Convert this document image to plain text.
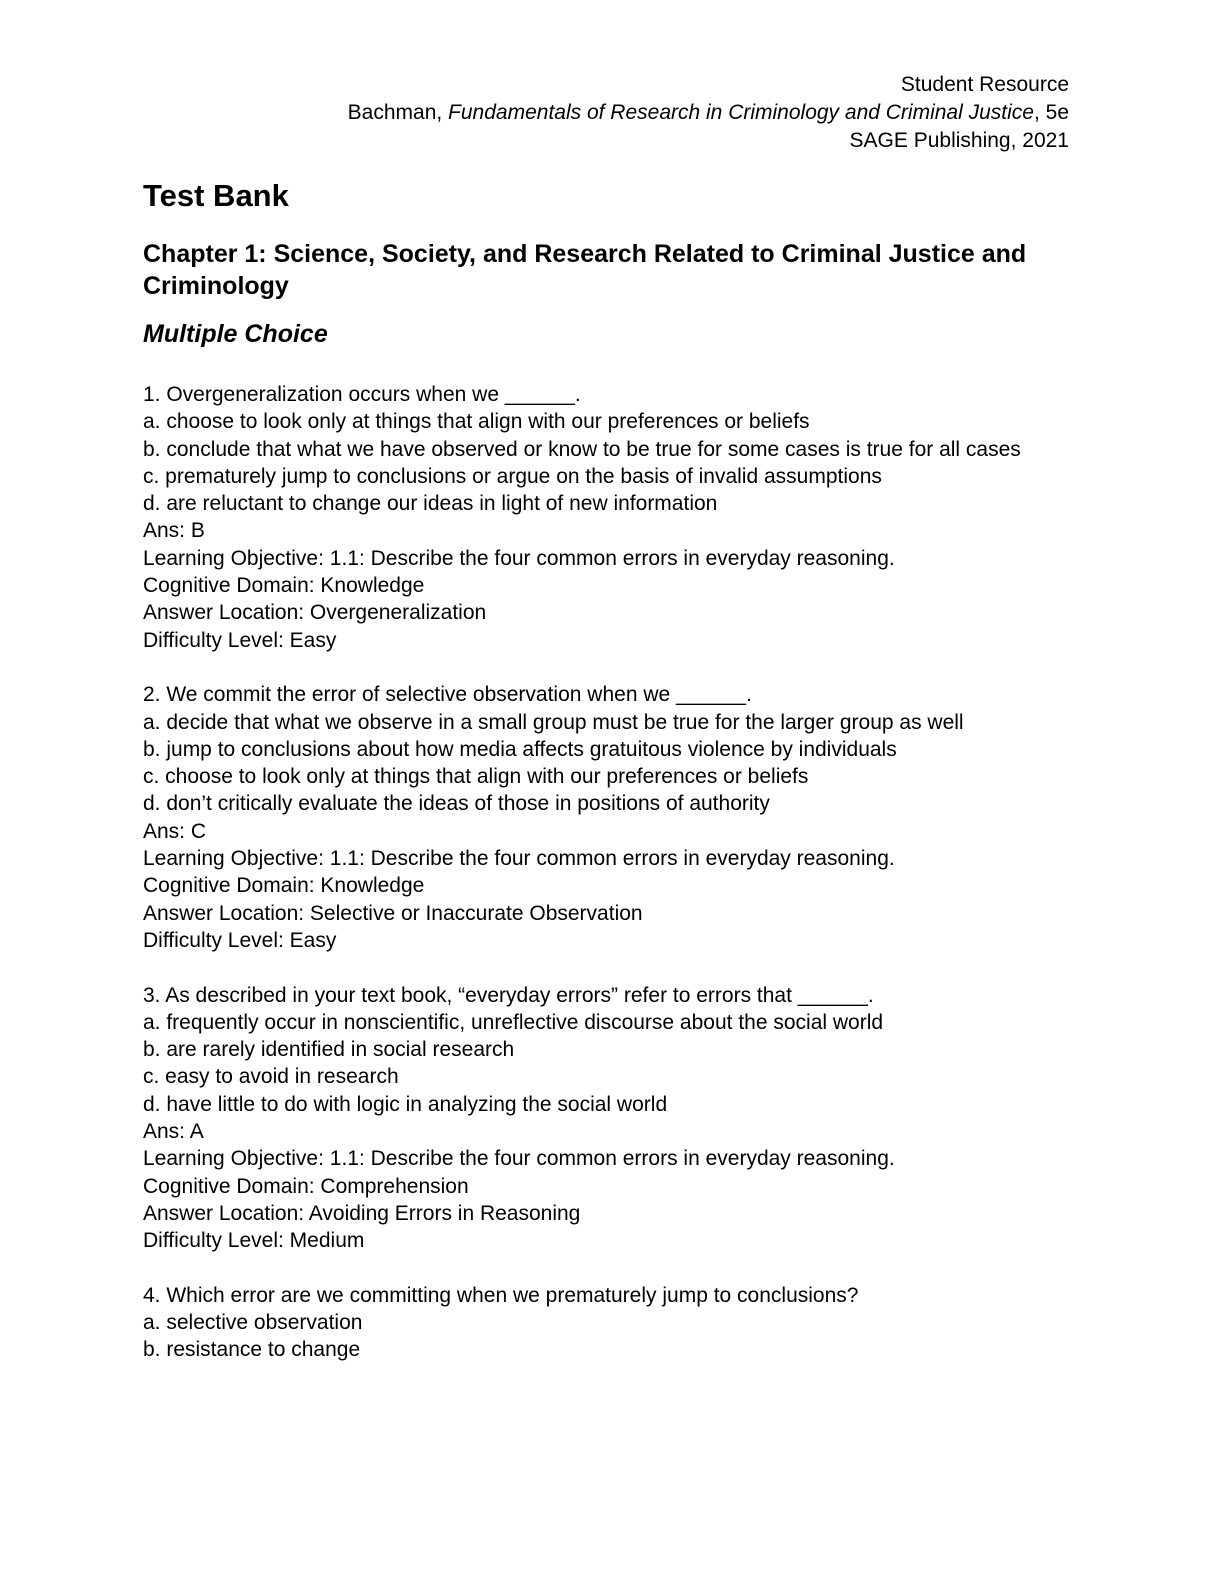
Student Resource
Bachman, Fundamentals of Research in Criminology and Criminal Justice, 5e
SAGE Publishing, 2021
Test Bank
Chapter 1: Science, Society, and Research Related to Criminal Justice and Criminology
Multiple Choice
1. Overgeneralization occurs when we ______.
a. choose to look only at things that align with our preferences or beliefs
b. conclude that what we have observed or know to be true for some cases is true for all cases
c. prematurely jump to conclusions or argue on the basis of invalid assumptions
d. are reluctant to change our ideas in light of new information
Ans: B
Learning Objective: 1.1: Describe the four common errors in everyday reasoning.
Cognitive Domain: Knowledge
Answer Location: Overgeneralization
Difficulty Level: Easy
2. We commit the error of selective observation when we ______.
a. decide that what we observe in a small group must be true for the larger group as well
b. jump to conclusions about how media affects gratuitous violence by individuals
c. choose to look only at things that align with our preferences or beliefs
d. don’t critically evaluate the ideas of those in positions of authority
Ans: C
Learning Objective: 1.1: Describe the four common errors in everyday reasoning.
Cognitive Domain: Knowledge
Answer Location: Selective or Inaccurate Observation
Difficulty Level: Easy
3. As described in your text book, “everyday errors” refer to errors that ______.
a. frequently occur in nonscientific, unreflective discourse about the social world
b. are rarely identified in social research
c. easy to avoid in research
d. have little to do with logic in analyzing the social world
Ans: A
Learning Objective: 1.1: Describe the four common errors in everyday reasoning.
Cognitive Domain: Comprehension
Answer Location: Avoiding Errors in Reasoning
Difficulty Level: Medium
4. Which error are we committing when we prematurely jump to conclusions?
a. selective observation
b. resistance to change
